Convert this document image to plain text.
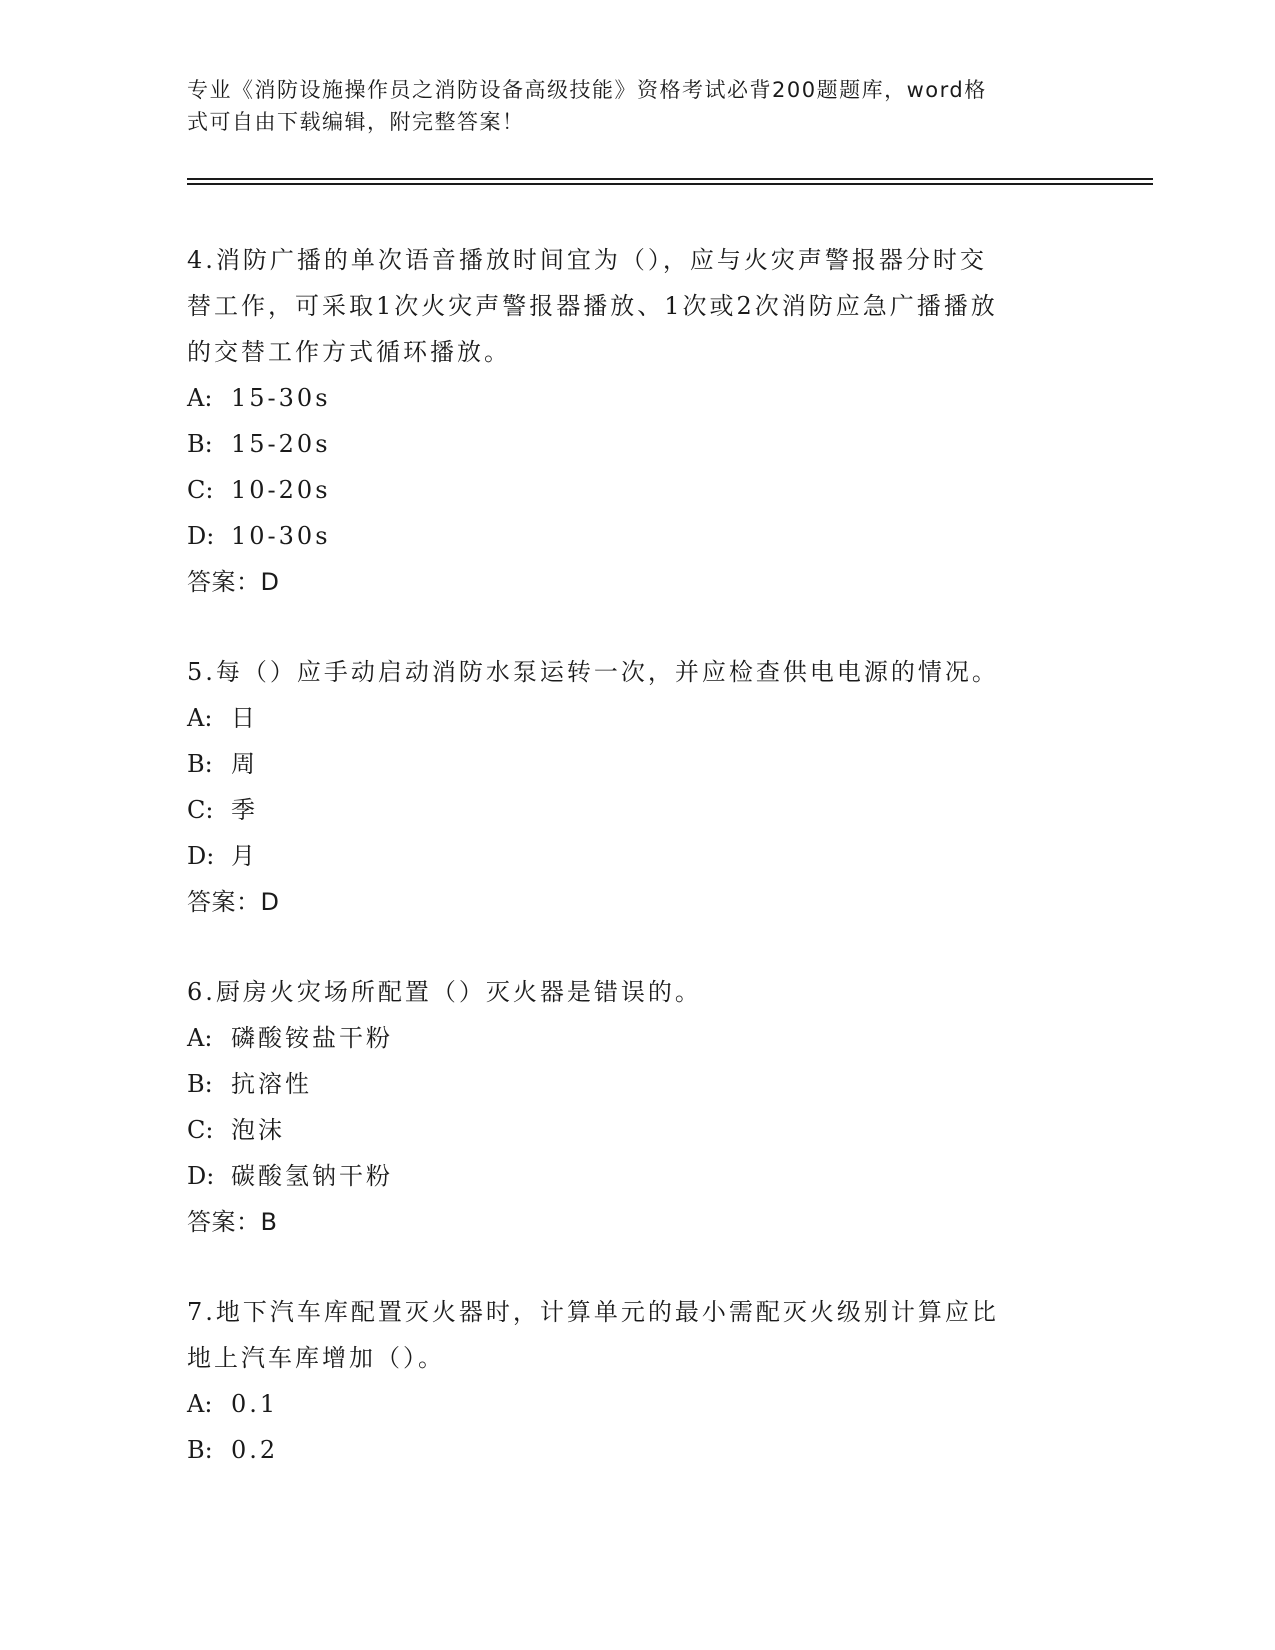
专业《消防设施操作员之消防设备高级技能》资格考试必背200题题库，word格
式可自由下载编辑，附完整答案！
4.消防广播的单次语音播放时间宜为（），应与火灾声警报器分时交
替工作，可采取1次火灾声警报器播放、1次或2次消防应急广播播放
的交替工作方式循环播放。
A: 15-30s
B: 15-20s
C: 10-20s
D: 10-30s
答案：D
5.每（）应手动启动消防水泵运转一次，并应检查供电电源的情况。
A: 日
B: 周
C: 季
D: 月
答案：D
6.厨房火灾场所配置（）灭火器是错误的。
A: 磷酸铵盐干粉
B: 抗溶性
C: 泡沫
D: 碳酸氢钠干粉
答案：B
7.地下汽车库配置灭火器时，计算单元的最小需配灭火级别计算应比
地上汽车库增加（）。
A: 0.1
B: 0.2
